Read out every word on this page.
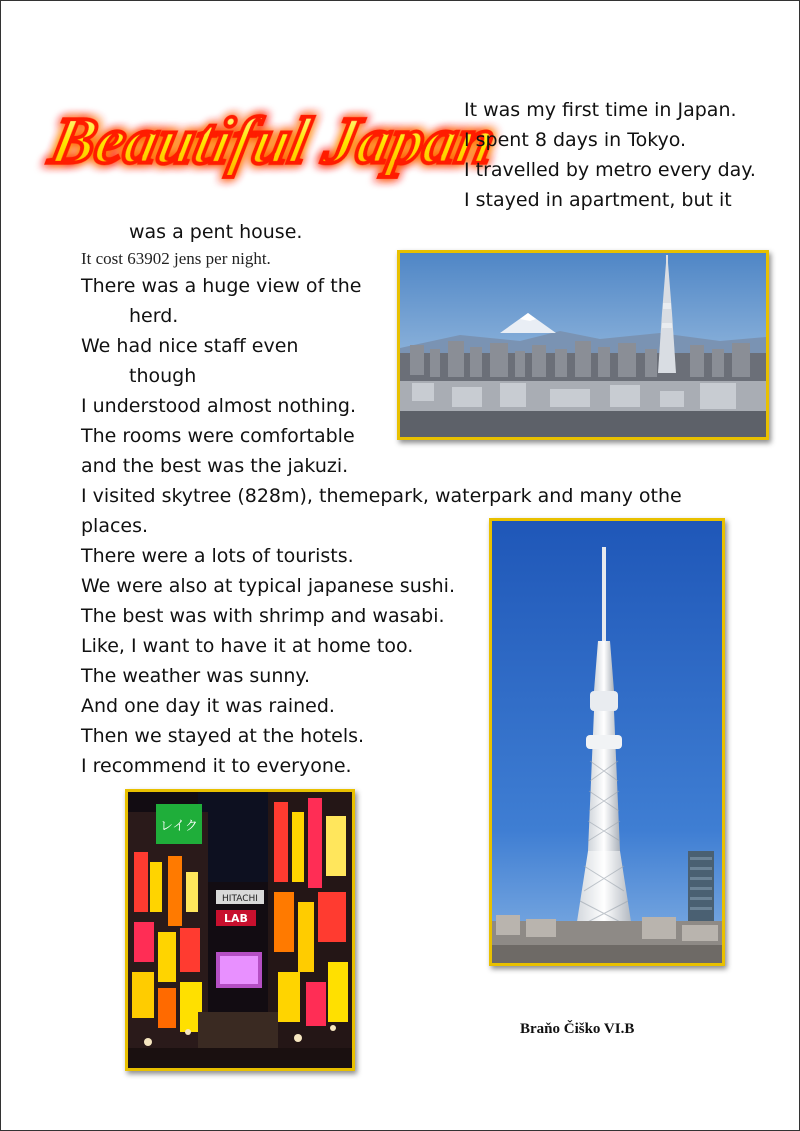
Beautiful Japan
It was my first time in Japan.
I spent 8 days in Tokyo.
I travelled by metro every day.
I stayed in apartment, but it
was a pent house.
It cost 63902 jens per night.
There was a huge view of the
herd.
We had nice staff even
though
I understood almost nothing.
The rooms were comfortable
and the best was the jakuzi.
I visited skytree (828m), themepark, waterpark and many othe
places.
There were a lots of tourists.
We were also at typical japanese sushi.
The best was with shrimp and wasabi.
Like, I want to have it at home too.
The weather was sunny.
And one day it was rained.
Then we stayed at the hotels.
I recommend it to everyone.
レイク
HITACHI
LAB
Braňo Čiško VI.B
